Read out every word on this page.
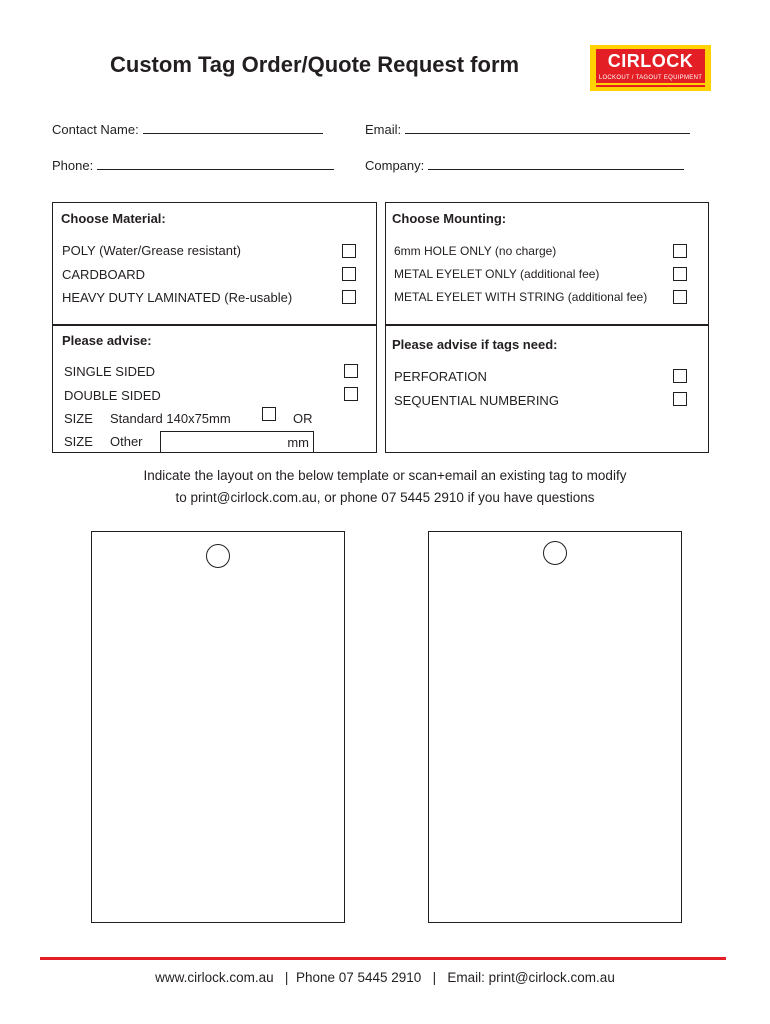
Custom Tag Order/Quote Request form	CIRLOCK
LOCKOUT / TAGOUT EQUIPMENT
Contact Name:	Email:
Phone:	Company:
Choose Material:
POLY (Water/Grease resistant)
CARDBOARD
HEAVY DUTY LAMINATED (Re-usable)
Please advise:
SINGLE SIDED
DOUBLE SIDED
SIZE Standard 140x75mm	OR
SIZE Other	mm
Choose Mounting:
6mm HOLE ONLY (no charge)
METAL EYELET ONLY (additional fee)
METAL EYELET WITH STRING (additional fee)
Please advise if tags need:
PERFORATION
SEQUENTIAL NUMBERING
Indicate the layout on the below template or scan+email an existing tag to modify
to print@cirlock.com.au, or phone 07 5445 2910 if you have questions
www.cirlock.com.au   |  Phone 07 5445 2910   |   Email: print@cirlock.com.au
